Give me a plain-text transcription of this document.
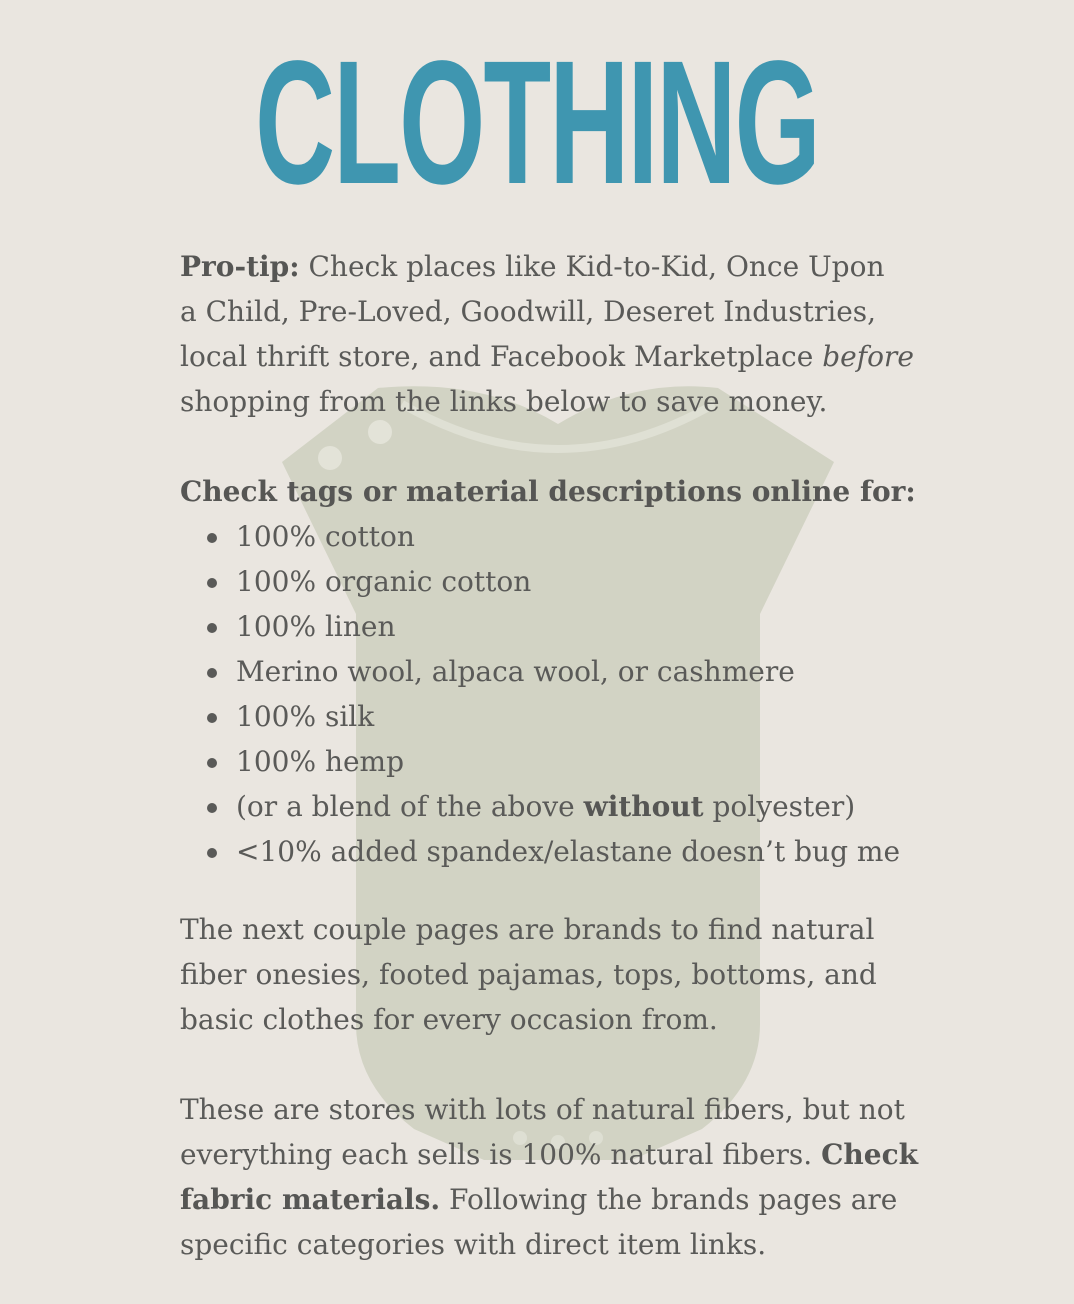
CLOTHING

Pro-tip: Check places like Kid-to-Kid, Once Upon

a Child, Pre-Loved, Goodwill, Deseret Industries,

local thrift store, and Facebook Marketplace before

shopping from the links below to save money.

Check tags or material descriptions online for:

100% cotton
100% organic cotton
100% linen
Merino wool, alpaca wool, or cashmere
100% silk
100% hemp
(or a blend of the above without polyester)
<10% added spandex/elastane doesn’t bug me

The next couple pages are brands to find natural

fiber onesies, footed pajamas, tops, bottoms, and

basic clothes for every occasion from.

These are stores with lots of natural fibers, but not

everything each sells is 100% natural fibers. Check

fabric materials. Following the brands pages are

specific categories with direct item links.
